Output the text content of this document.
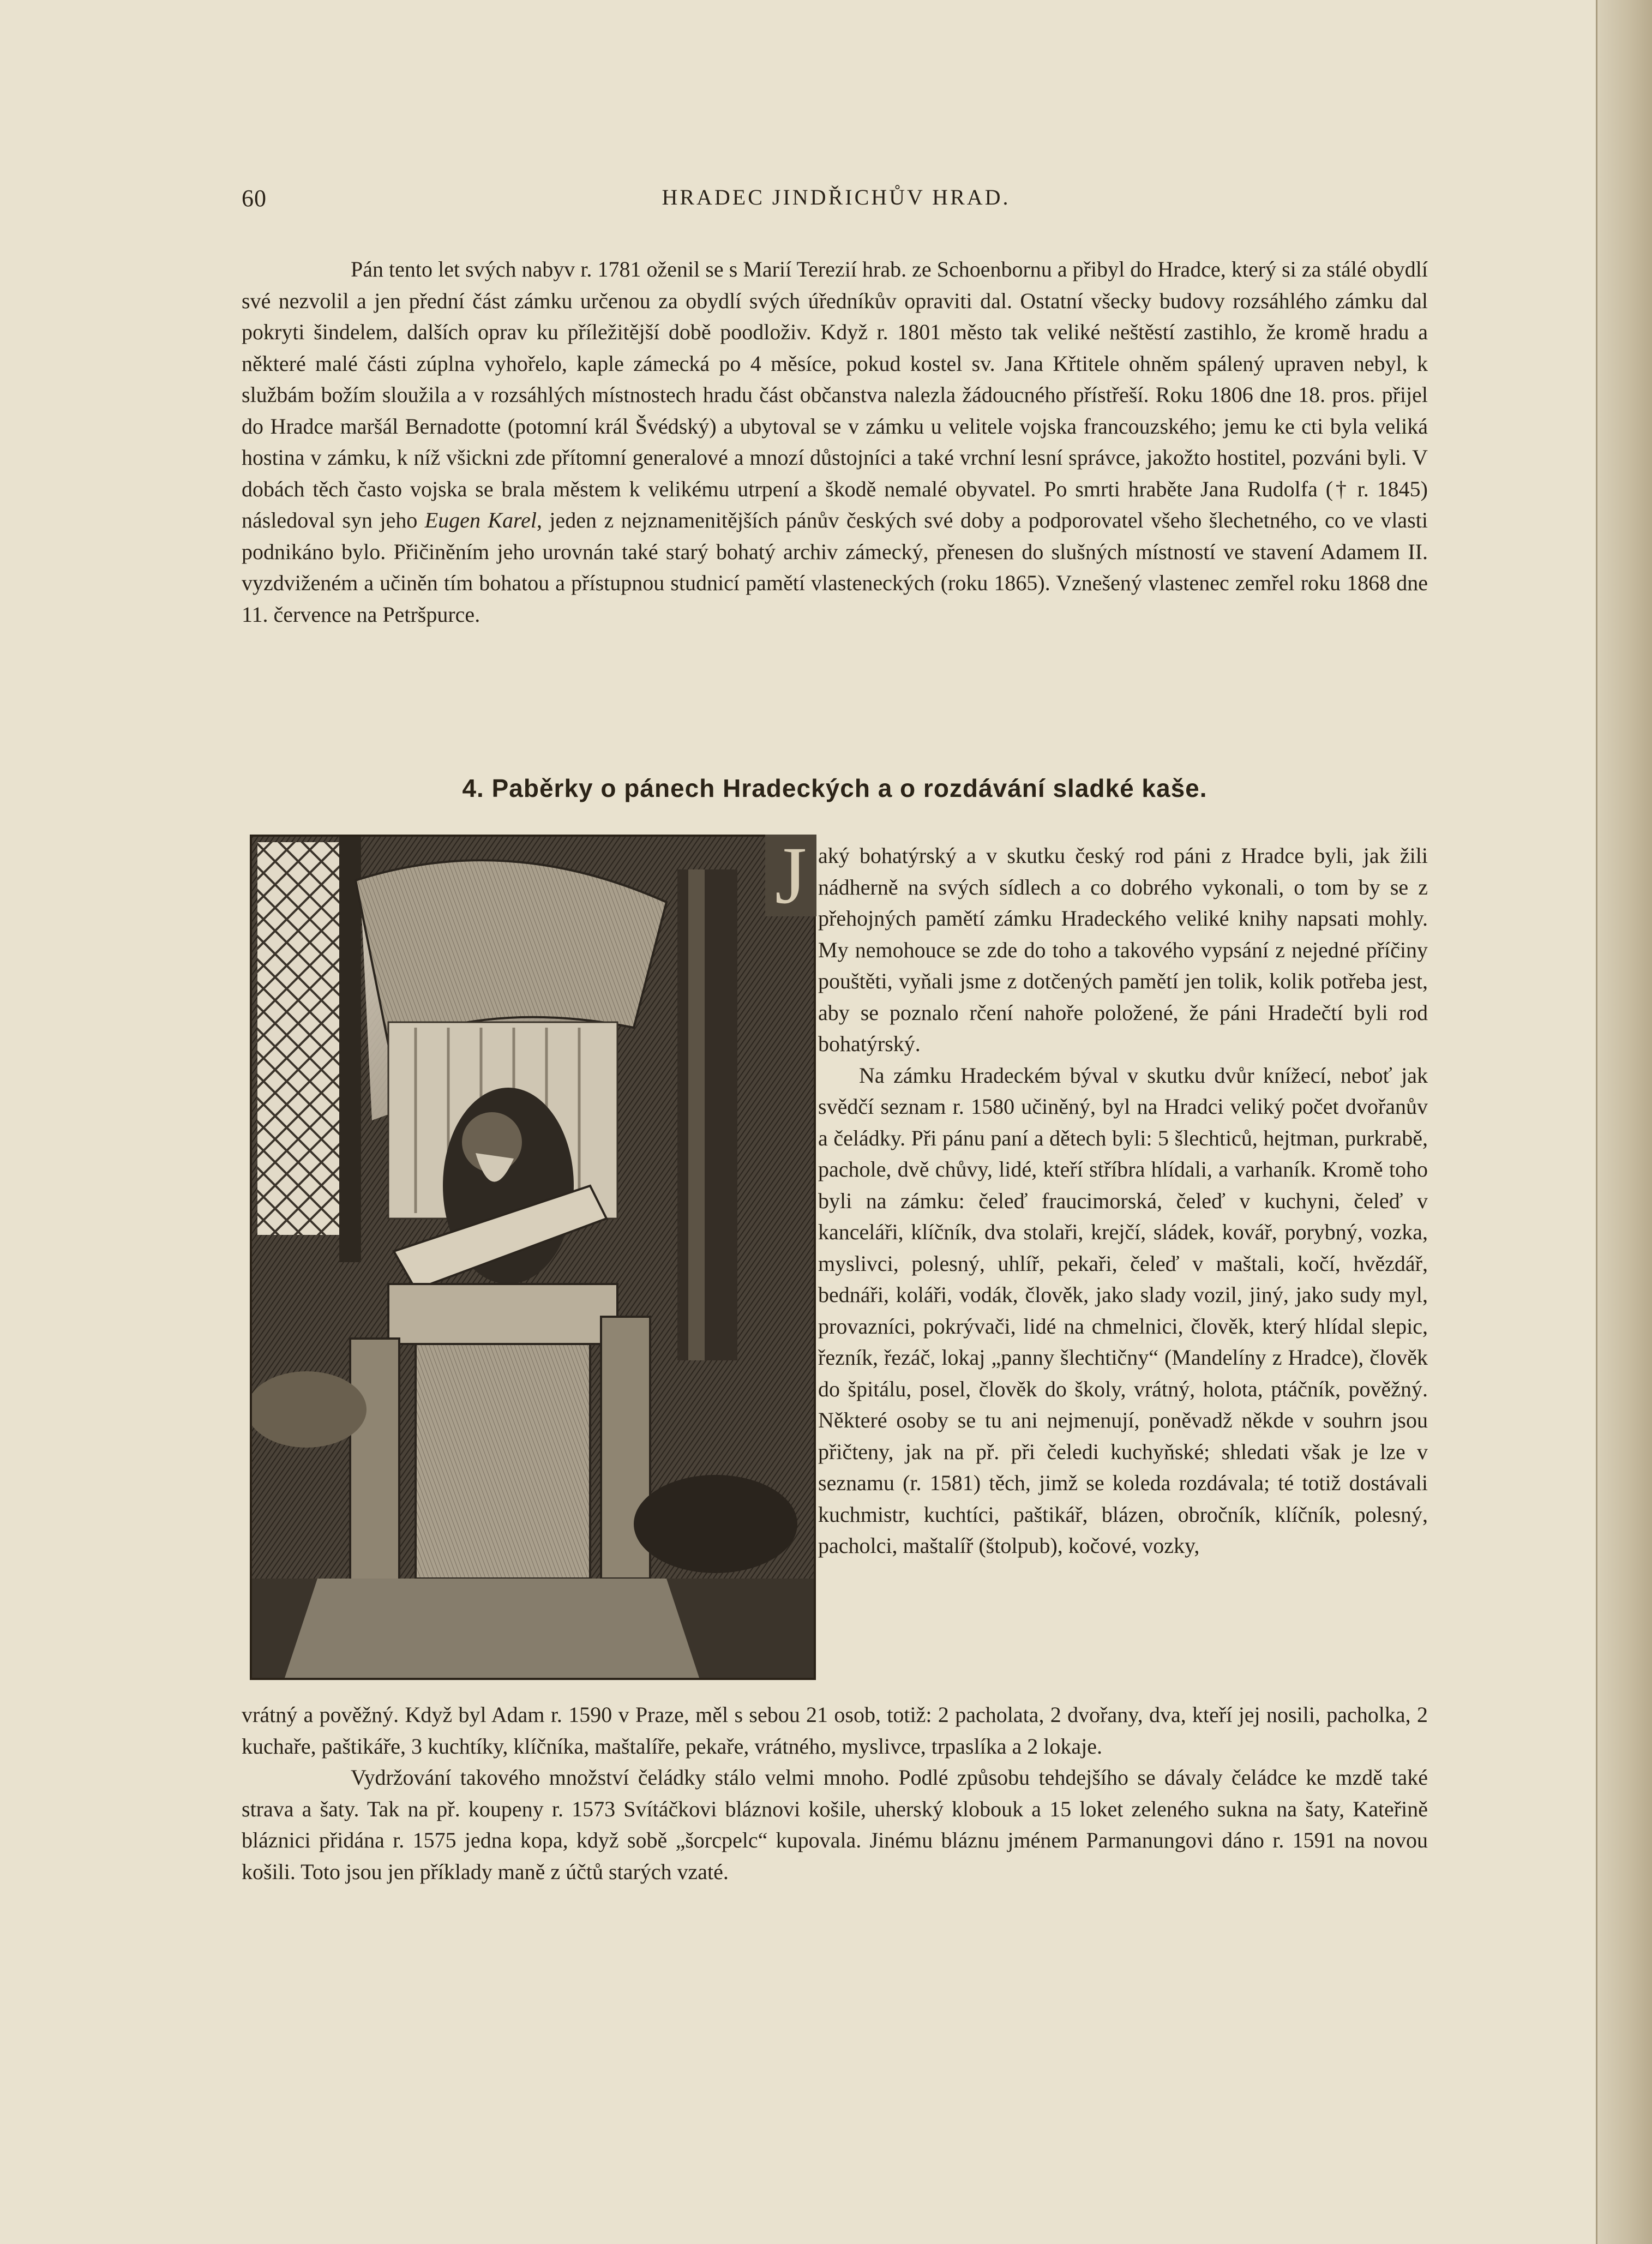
60	HRADEC JINDŘICHŮV HRAD.

Pán tento let svých nabyv r. 1781 oženil se s Marií Terezií hrab. ze Schoenbornu a přibyl do Hradce, který si za stálé obydlí své nezvolil a jen přední část zámku určenou za obydlí svých úředníkův opraviti dal. Ostatní všecky budovy rozsáhlého zámku dal pokryti šindelem, dalších oprav ku příležitější době poodloživ. Když r. 1801 město tak veliké neštěstí zastihlo, že kromě hradu a některé malé části zúplna vyhořelo, kaple zámecká po 4 měsíce, pokud kostel sv. Jana Křtitele ohněm spálený upraven nebyl, k službám božím sloužila a v rozsáhlých místnostech hradu část občanstva nalezla žádoucného přístřeší. Roku 1806 dne 18. pros. přijel do Hradce maršál Bernadotte (potomní král Švédský) a ubytoval se v zámku u velitele vojska francouzského; jemu ke cti byla veliká hostina v zámku, k níž všickni zde přítomní generalové a mnozí důstojníci a také vrchní lesní správce, jakožto hostitel, pozváni byli. V dobách těch často vojska se brala městem k velikému utrpení a škodě nemalé obyvatel. Po smrti hraběte Jana Rudolfa († r. 1845) následoval syn jeho Eugen Karel, jeden z nejznamenitějších pánův českých své doby a podporovatel všeho šlechetného, co ve vlasti podnikáno bylo. Přičiněním jeho urovnán také starý bohatý archiv zámecký, přenesen do slušných místností ve stavení Adamem II. vyzdviženém a učiněn tím bohatou a přístupnou studnicí pamětí vlasteneckých (roku 1865). Vznešený vlastenec zemřel roku 1868 dne 11. července na Petršpurce.

4. Paběrky o pánech Hradeckých a o rozdávání sladké kaše.
J aký bohatýrský a v skutku český rod páni z Hradce byli, jak žili nádherně na svých sídlech a co dobrého vykonali, o tom by se z přehojných pamětí zámku Hradeckého veliké knihy napsati mohly. My nemohouce se zde do toho a takového vypsání z nejedné příčiny pouštěti, vyňali jsme z dotčených pamětí jen tolik, kolik potřeba jest, aby se poznalo rčení nahoře položené, že páni Hradečtí byli rod bohatýrský.

Na zámku Hradeckém býval v skutku dvůr knížecí, neboť jak svědčí seznam r. 1580 učiněný, byl na Hradci veliký počet dvořanův a čeládky. Při pánu paní a dětech byli: 5 šlechticů, hejtman, purkrabě, pachole, dvě chůvy, lidé, kteří stříbra hlídali, a varhaník. Kromě toho byli na zámku: čeleď fraucimorská, čeleď v kuchyni, čeleď v kanceláři, klíčník, dva stolaři, krejčí, sládek, kovář, porybný, vozka, myslivci, polesný, uhlíř, pekaři, čeleď v maštali, kočí, hvězdář, bednáři, koláři, vodák, člověk, jako slady vozil, jiný, jako sudy myl, provazníci, pokrývači, lidé na chmelnici, člověk, který hlídal slepic, řezník, řezáč, lokaj „panny šlechtičny“ (Mandelíny z Hradce), člověk do špitálu, posel, člověk do školy, vrátný, holota, ptáčník, pověžný. Některé osoby se tu ani nejmenují, poněvadž někde v souhrn jsou přičteny, jak na př. při čeledi kuchyňské; shledati však je lze v seznamu (r. 1581) těch, jimž se koleda rozdávala; té totiž dostávali kuchmistr, kuchtíci, paštikář, blázen, obročník, klíčník, polesný, pacholci, maštalíř (štolpub), kočové, vozky,

vrátný a pověžný. Když byl Adam r. 1590 v Praze, měl s sebou 21 osob, totiž: 2 pacholata, 2 dvořany, dva, kteří jej nosili, pacholka, 2 kuchaře, paštikáře, 3 kuchtíky, klíčníka, maštalíře, pekaře, vrátného, myslivce, trpaslíka a 2 lokaje.

Vydržování takového množství čeládky stálo velmi mnoho. Podlé způsobu tehdejšího se dávaly čeládce ke mzdě také strava a šaty. Tak na př. koupeny r. 1573 Svítáčkovi bláznovi košile, uherský klobouk a 15 loket zeleného sukna na šaty, Kateřině bláznici přidána r. 1575 jedna kopa, když sobě „šorcpelc“ kupovala. Jinému bláznu jménem Parmanungovi dáno r. 1591 na novou košili. Toto jsou jen příklady maně z účtů starých vzaté.
